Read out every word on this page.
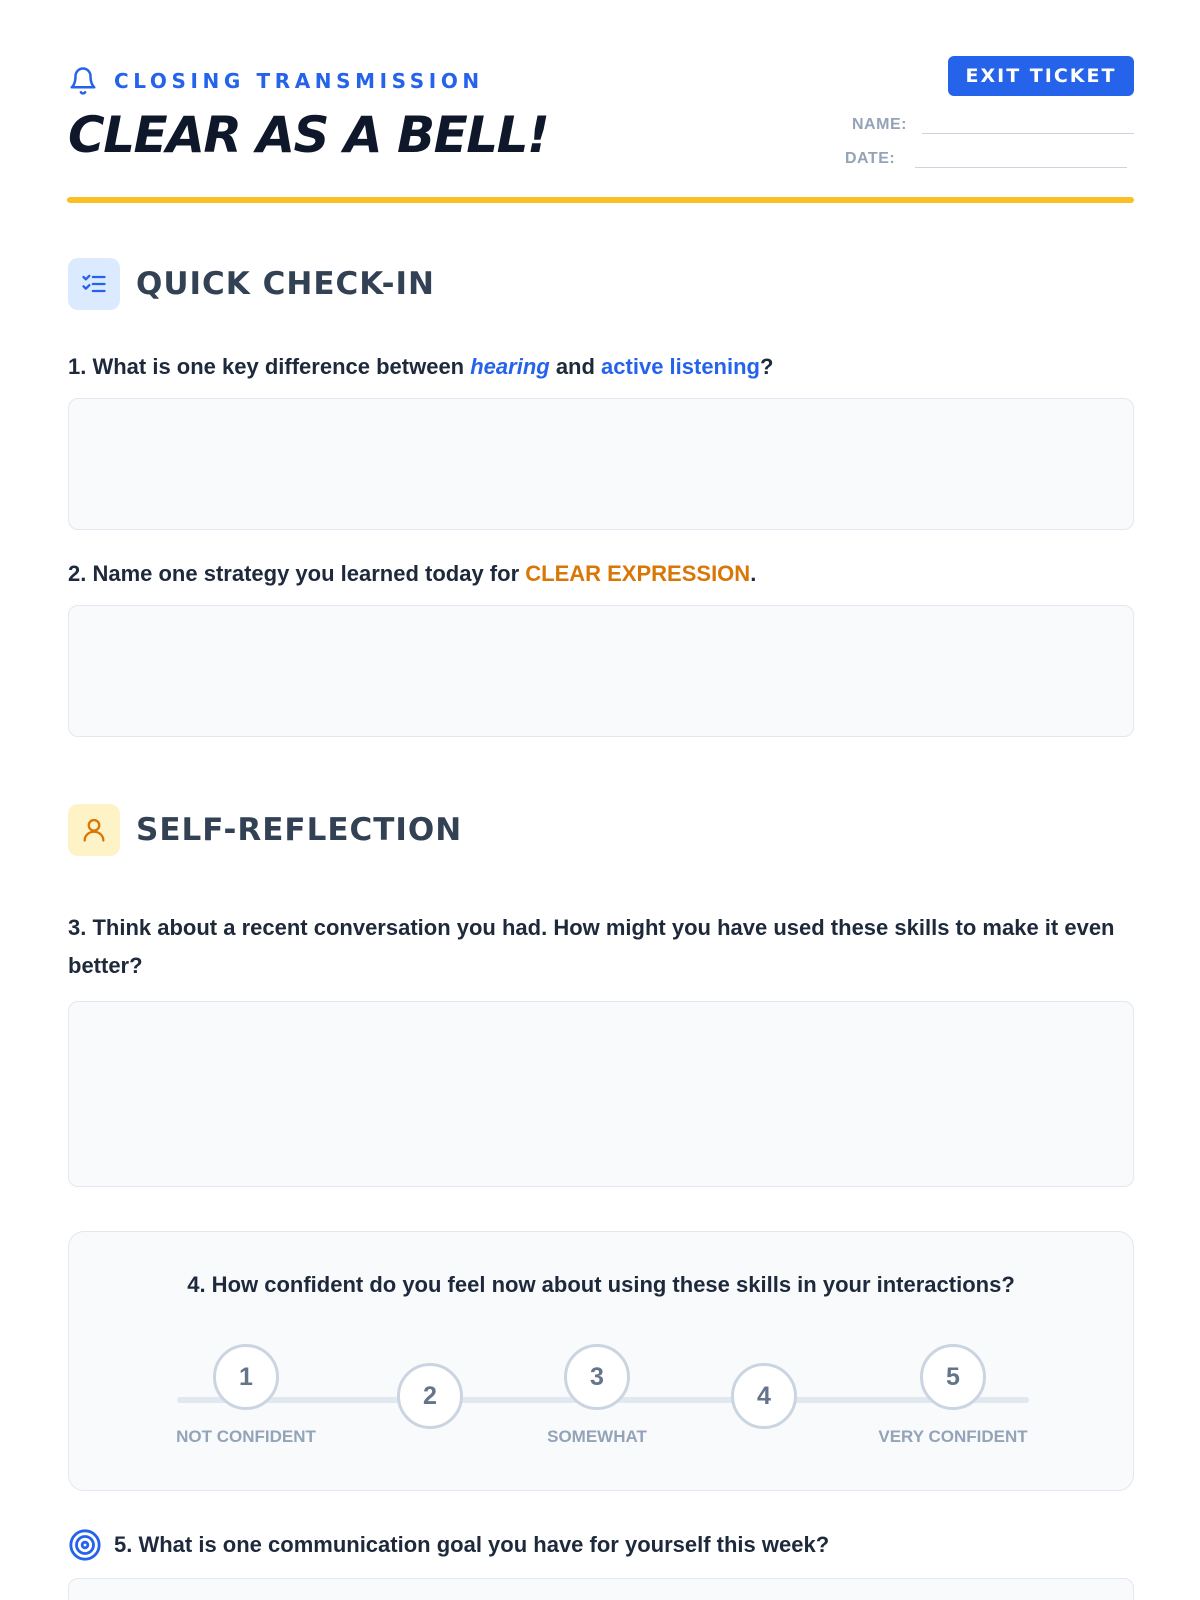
CLOSING TRANSMISSION
CLEAR AS A BELL!
EXIT TICKET
NAME:
DATE:
QUICK CHECK-IN
1. What is one key difference between hearing and active listening?
2. Name one strategy you learned today for CLEAR EXPRESSION.
SELF-REFLECTION
3. Think about a recent conversation you had. How might you have used these skills to make it even better?
4. How confident do you feel now about using these skills in your interactions?
1
2
3
4
5
NOT CONFIDENT	SOMEWHAT	VERY CONFIDENT
5. What is one communication goal you have for yourself this week?
